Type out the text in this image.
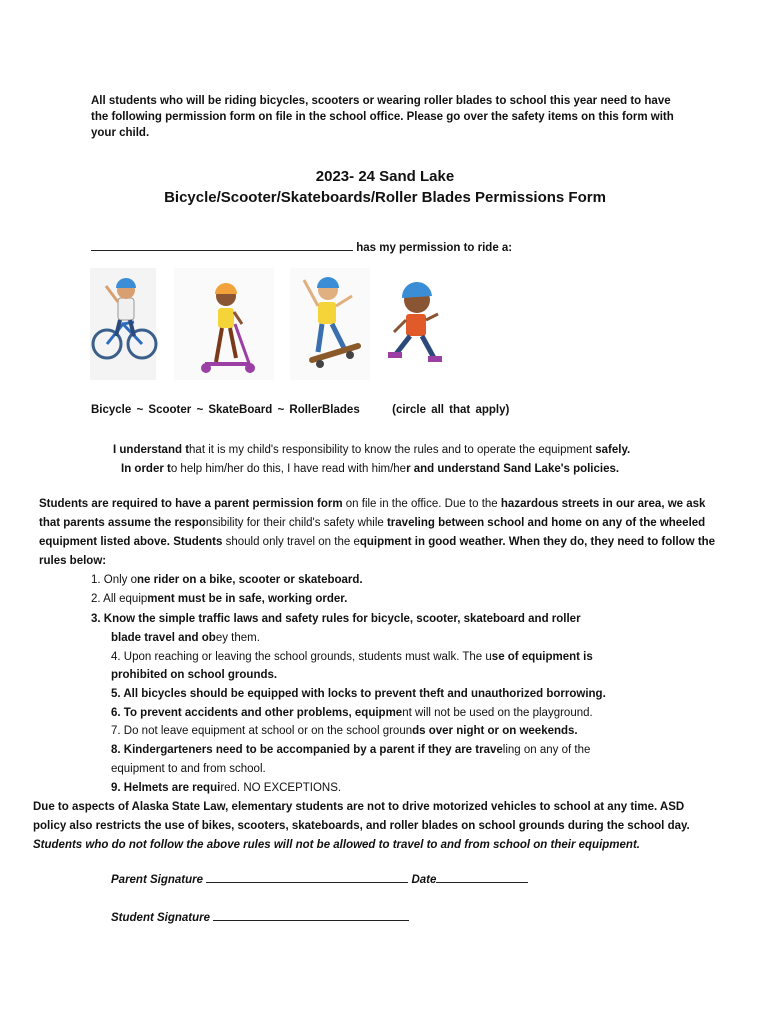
All students who will be riding bicycles, scooters or wearing roller blades to school this year need to have the following permission form on file in the school office. Please go over the safety items on this form with your child.
2023- 24 Sand Lake
Bicycle/Scooter/Skateboards/Roller Blades Permissions Form
has my permission to ride a:
Bicycle ~ Scooter ~ SkateBoard ~ RollerBlades	(circle all that apply)
I understand that it is my child's responsibility to know the rules and to operate the equipment safely.
In order to help him/her do this, I have read with him/her and understand Sand Lake's policies.
Students are required to have a parent permission form on file in the office. Due to the hazardous streets in our area, we ask that parents assume the responsibility for their child's safety while traveling between school and home on any of the wheeled equipment listed above. Students should only travel on the equipment in good weather. When they do, they need to follow the rules below:
1. Only one rider on a bike, scooter or skateboard.
2. All equipment must be in safe, working order.
3. Know the simple traffic laws and safety rules for bicycle, scooter, skateboard and roller
blade travel and obey them.
4. Upon reaching or leaving the school grounds, students must walk. The use of equipment is
prohibited on school grounds.
5. All bicycles should be equipped with locks to prevent theft and unauthorized borrowing.
6. To prevent accidents and other problems, equipment will not be used on the playground.
7. Do not leave equipment at school or on the school grounds over night or on weekends.
8. Kindergarteners need to be accompanied by a parent if they are traveling on any of the
equipment to and from school.
9. Helmets are required. NO EXCEPTIONS.
Due to aspects of Alaska State Law, elementary students are not to drive motorized vehicles to school at any time. ASD
policy also restricts the use of bikes, scooters, skateboards, and roller blades on school grounds during the school day.
Students who do not follow the above rules will not be allowed to travel to and from school on their equipment.
Parent Signature	Date
Student Signature
